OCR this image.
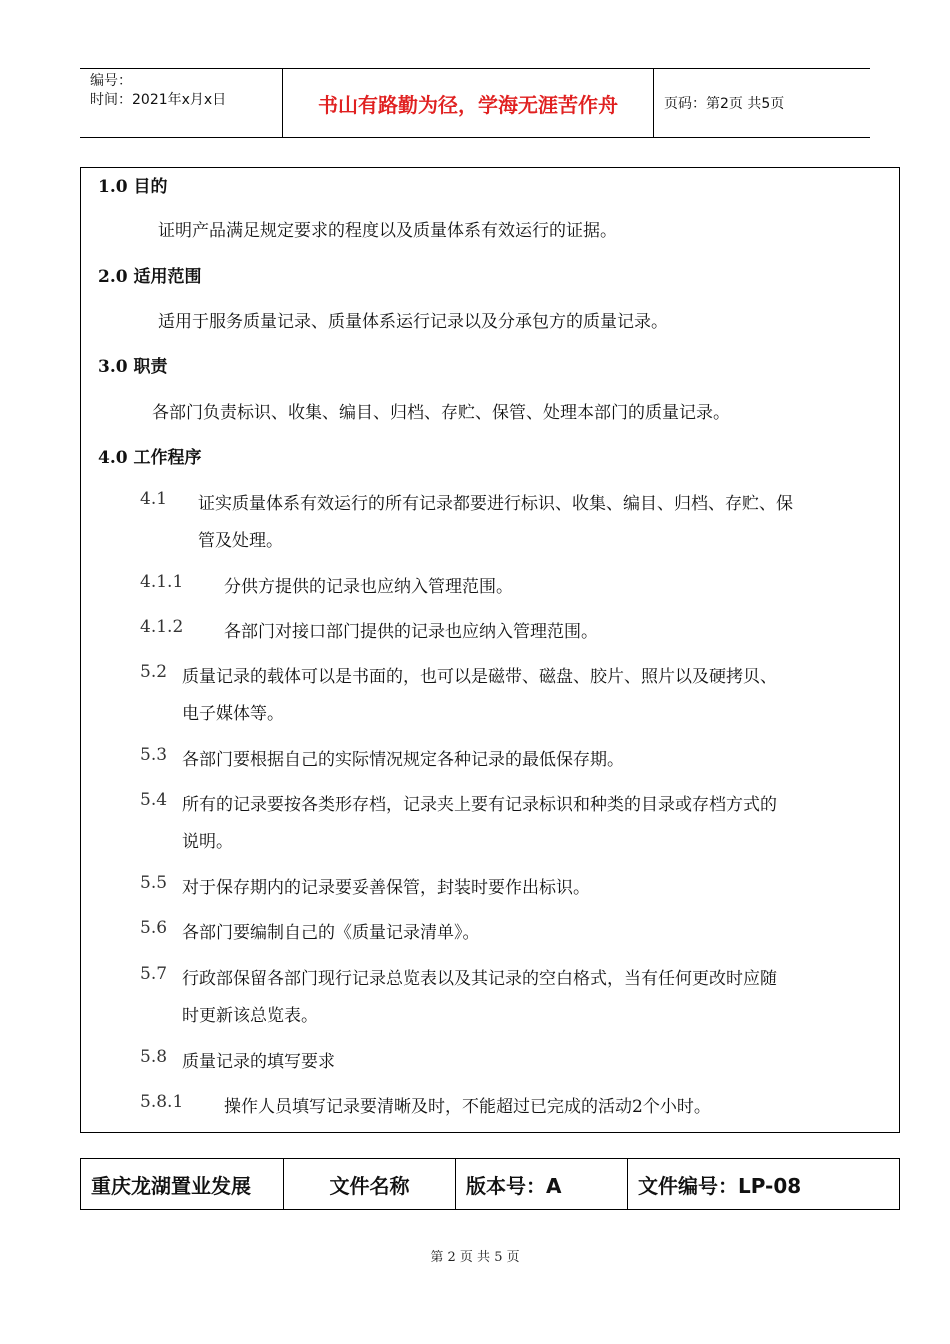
编号：
时间：2021年x月x日	书山有路勤为径，学海无涯苦作舟	页码：第2页 共5页
1.0 目的
证明产品满足规定要求的程度以及质量体系有效运行的证据。
2.0 适用范围
适用于服务质量记录、质量体系运行记录以及分承包方的质量记录。
3.0 职责
各部门负责标识、收集、编目、归档、存贮、保管、处理本部门的质量记录。
4.0 工作程序
4.1 证实质量体系有效运行的所有记录都要进行标识、收集、编目、归档、存贮、保
管及处理。
4.1.1 分供方提供的记录也应纳入管理范围。
4.1.2 各部门对接口部门提供的记录也应纳入管理范围。
5.2 质量记录的载体可以是书面的，也可以是磁带、磁盘、胶片、照片以及硬拷贝、
电子媒体等。
5.3 各部门要根据自己的实际情况规定各种记录的最低保存期。
5.4 所有的记录要按各类形存档，记录夹上要有记录标识和种类的目录或存档方式的
说明。
5.5 对于保存期内的记录要妥善保管，封装时要作出标识。
5.6 各部门要编制自己的《质量记录清单》。
5.7 行政部保留各部门现行记录总览表以及其记录的空白格式，当有任何更改时应随
时更新该总览表。
5.8 质量记录的填写要求
5.8.1 操作人员填写记录要清晰及时，不能超过已完成的活动2个小时。
重庆龙湖置业发展	文件名称	版本号：A	文件编号：LP-08
第 2 页 共 5 页
